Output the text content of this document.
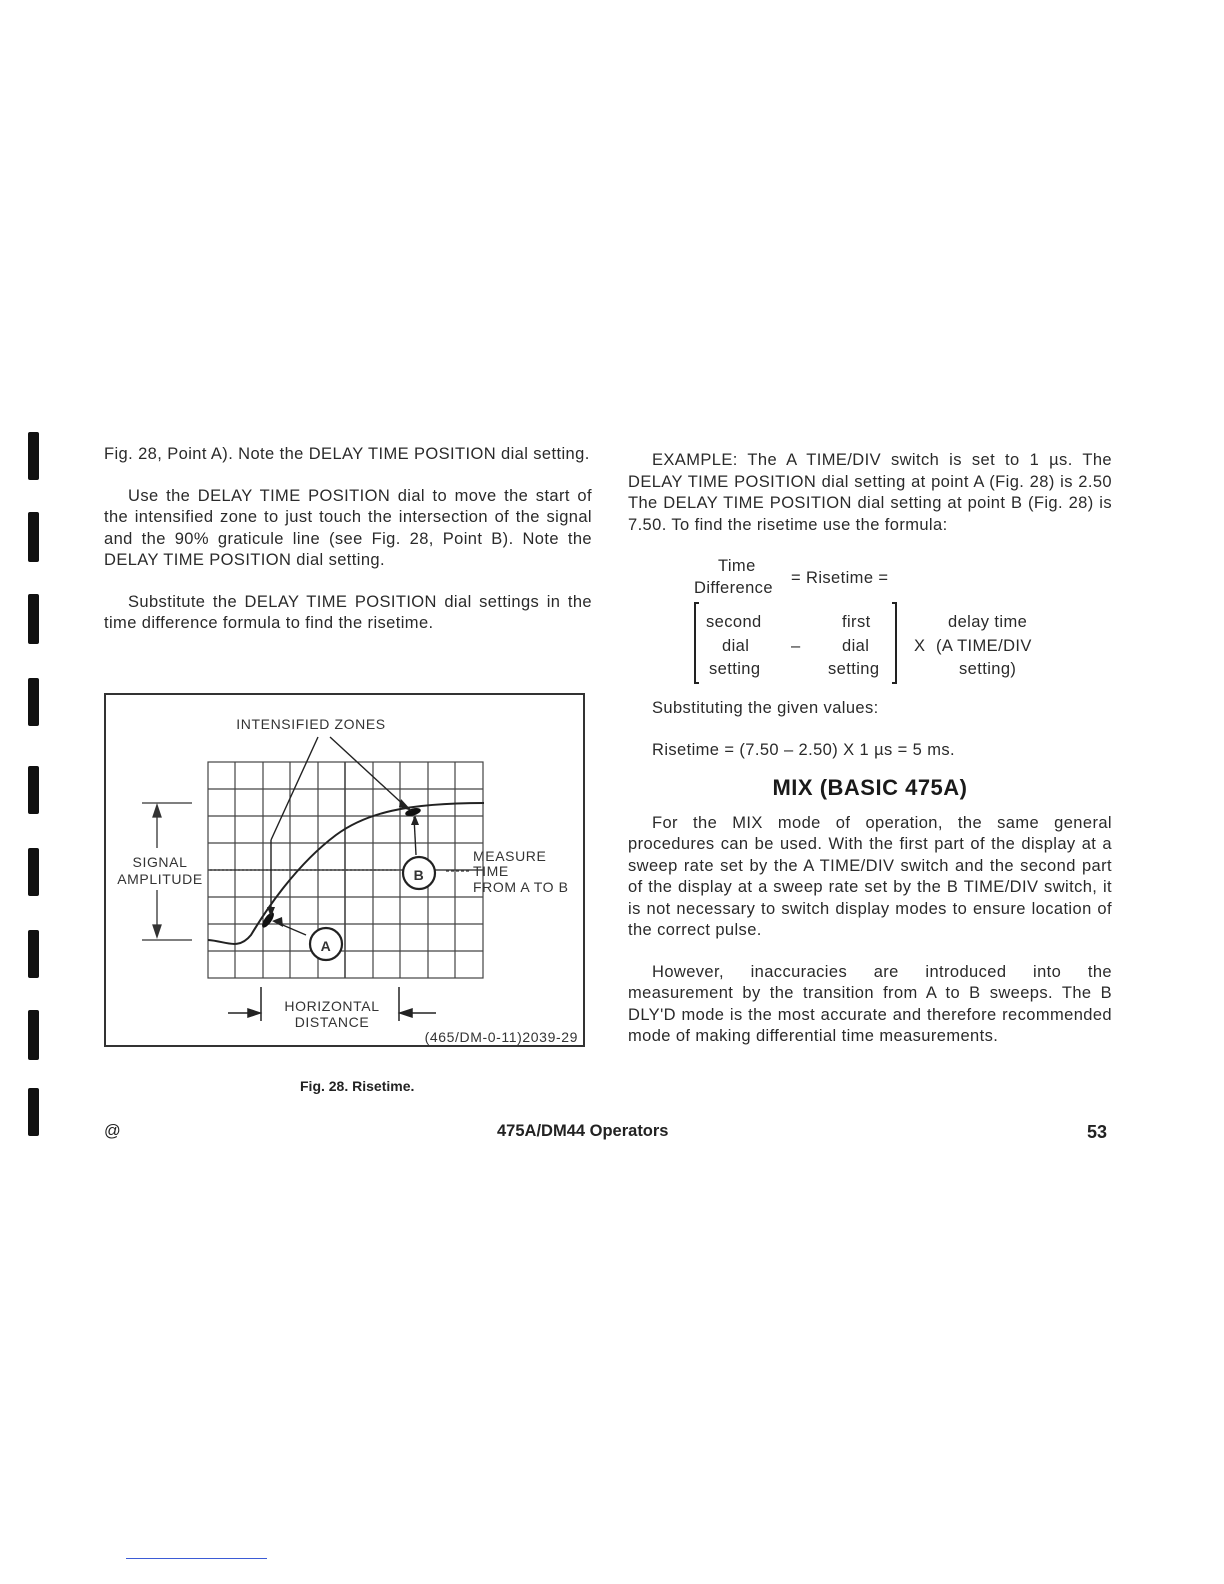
Fig. 28, Point A). Note the DELAY TIME POSITION dial setting.

Use the DELAY TIME POSITION dial to move the start of the intensified zone to just touch the intersection of the signal and the 90% graticule line (see Fig. 28, Point B). Note the DELAY TIME POSITION dial setting.

Substitute the DELAY TIME POSITION dial settings in the time difference formula to find the risetime.

A
B
INTENSIFIED ZONES
SIGNAL
AMPLITUDE
MEASURE
TIME
FROM A TO B
HORIZONTAL
DISTANCE
(465/DM-0-11)2039-29
Fig. 28. Risetime.

EXAMPLE: The A TIME/DIV switch is set to 1 µs. The DELAY TIME POSITION dial setting at point A (Fig. 28) is 2.50 The DELAY TIME POSITION dial setting at point B (Fig. 28) is 7.50. To find the risetime use the formula:

Time
Difference
= Risetime =
second
dial
setting
–
first
dial
setting
X
delay time
(A TIME/DIV
setting)

Substituting the given values:

Risetime = (7.50 – 2.50) X 1 µs = 5 ms.

MIX (BASIC 475A)

For the MIX mode of operation, the same general procedures can be used. With the first part of the display at a sweep rate set by the A TIME/DIV switch and the second part of the display at a sweep rate set by the B TIME/DIV switch, it is not necessary to switch display modes to ensure location of the correct pulse.

However, inaccuracies are introduced into the measurement by the transition from A to B sweeps. The B DLY'D mode is the most accurate and therefore recommended mode of making differential time measurements.

@	475A/DM44 Operators	53
